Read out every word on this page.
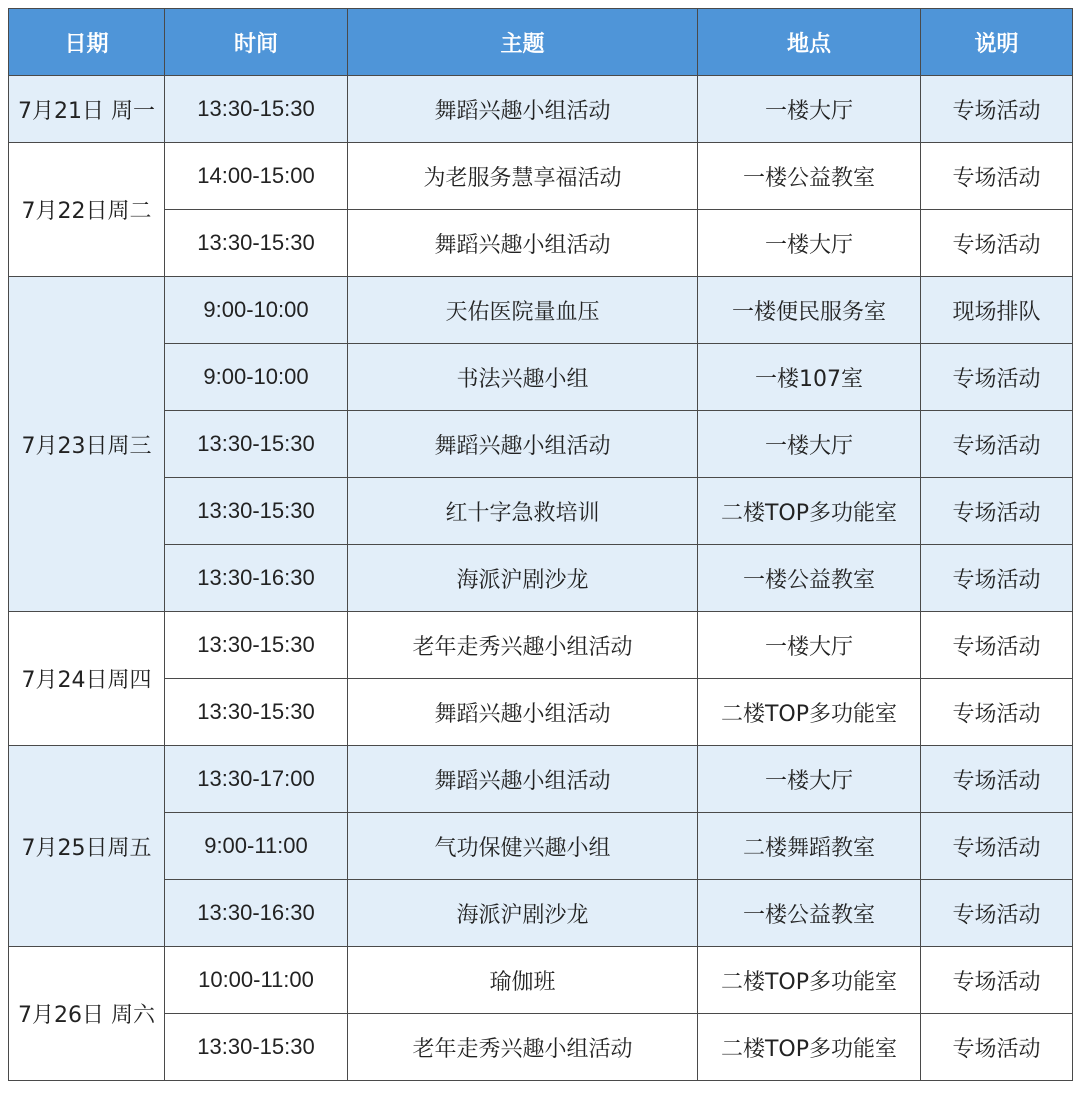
日期	时间	主题	地点	说明
7月21日 周一	13:30-15:30	舞蹈兴趣小组活动	一楼大厅	专场活动
7月22日周二	14:00-15:00	为老服务慧享福活动	一楼公益教室	专场活动
	13:30-15:30	舞蹈兴趣小组活动	一楼大厅	专场活动
7月23日周三	9:00-10:00	天佑医院量血压	一楼便民服务室	现场排队
	9:00-10:00	书法兴趣小组	一楼107室	专场活动
	13:30-15:30	舞蹈兴趣小组活动	一楼大厅	专场活动
	13:30-15:30	红十字急救培训	二楼TOP多功能室	专场活动
	13:30-16:30	海派沪剧沙龙	一楼公益教室	专场活动
7月24日周四	13:30-15:30	老年走秀兴趣小组活动	一楼大厅	专场活动
	13:30-15:30	舞蹈兴趣小组活动	二楼TOP多功能室	专场活动
7月25日周五	13:30-17:00	舞蹈兴趣小组活动	一楼大厅	专场活动
	9:00-11:00	气功保健兴趣小组	二楼舞蹈教室	专场活动
	13:30-16:30	海派沪剧沙龙	一楼公益教室	专场活动
7月26日 周六	10:00-11:00	瑜伽班	二楼TOP多功能室	专场活动
	13:30-15:30	老年走秀兴趣小组活动	二楼TOP多功能室	专场活动
